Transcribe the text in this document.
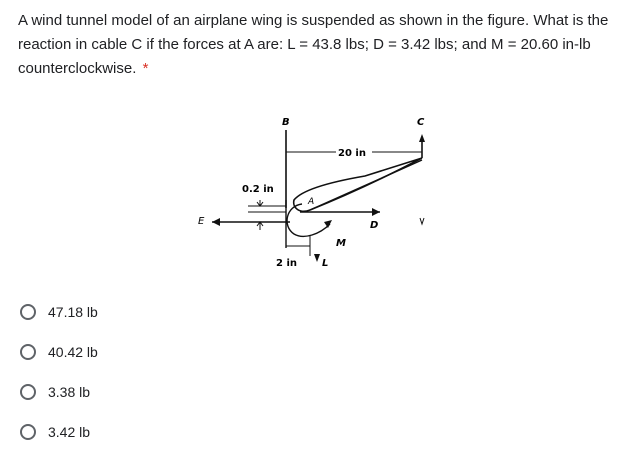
A wind tunnel model of an airplane wing is suspended as shown in the figure. What is the reaction in cable C if the forces at A are: L = 43.8 lbs; D = 3.42 lbs; and M = 20.60 in-lb counterclockwise. *
B	C
20 in
0.2 in
A
E	D
M
2 in	L
47.18 lb
40.42 lb
3.38 lb
3.42 lb
